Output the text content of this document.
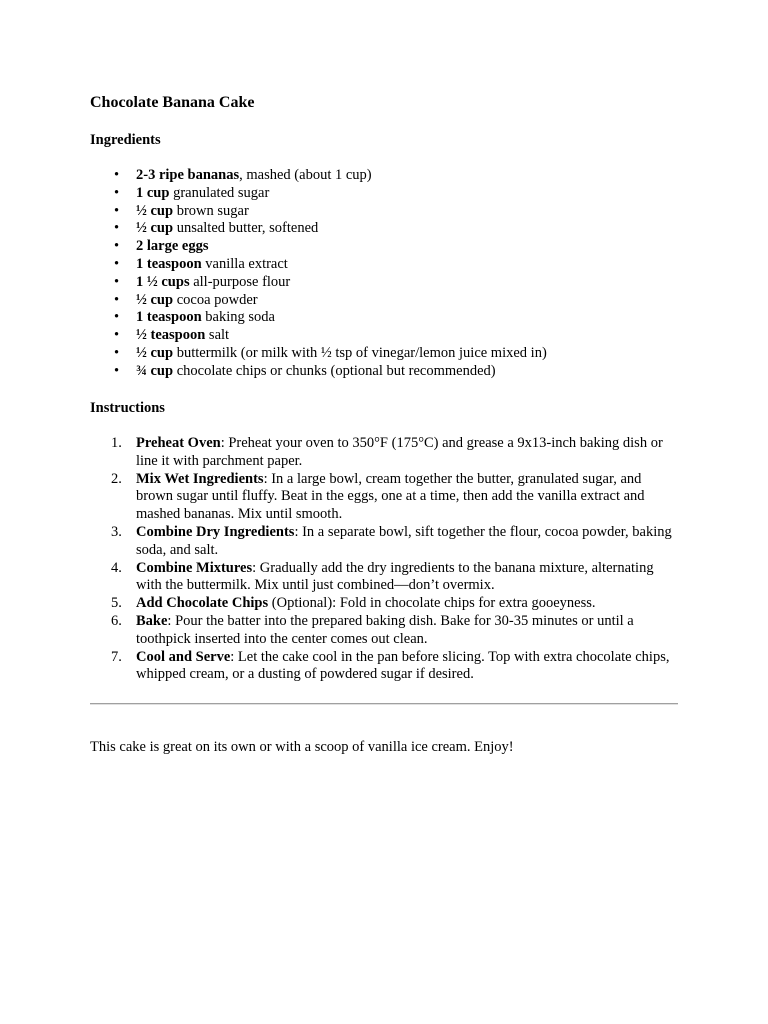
Chocolate Banana Cake
Ingredients
• 2-3 ripe bananas, mashed (about 1 cup)
• 1 cup granulated sugar
• ½ cup brown sugar
• ½ cup unsalted butter, softened
• 2 large eggs
• 1 teaspoon vanilla extract
• 1 ½ cups all-purpose flour
• ½ cup cocoa powder
• 1 teaspoon baking soda
• ½ teaspoon salt
• ½ cup buttermilk (or milk with ½ tsp of vinegar/lemon juice mixed in)
• ¾ cup chocolate chips or chunks (optional but recommended)
Instructions
1. Preheat Oven: Preheat your oven to 350°F (175°C) and grease a 9x13-inch baking dish or line it with parchment paper.
2. Mix Wet Ingredients: In a large bowl, cream together the butter, granulated sugar, and brown sugar until fluffy. Beat in the eggs, one at a time, then add the vanilla extract and mashed bananas. Mix until smooth.
3. Combine Dry Ingredients: In a separate bowl, sift together the flour, cocoa powder, baking soda, and salt.
4. Combine Mixtures: Gradually add the dry ingredients to the banana mixture, alternating with the buttermilk. Mix until just combined—don’t overmix.
5. Add Chocolate Chips (Optional): Fold in chocolate chips for extra gooeyness.
6. Bake: Pour the batter into the prepared baking dish. Bake for 30-35 minutes or until a toothpick inserted into the center comes out clean.
7. Cool and Serve: Let the cake cool in the pan before slicing. Top with extra chocolate chips, whipped cream, or a dusting of powdered sugar if desired.

This cake is great on its own or with a scoop of vanilla ice cream. Enjoy!
